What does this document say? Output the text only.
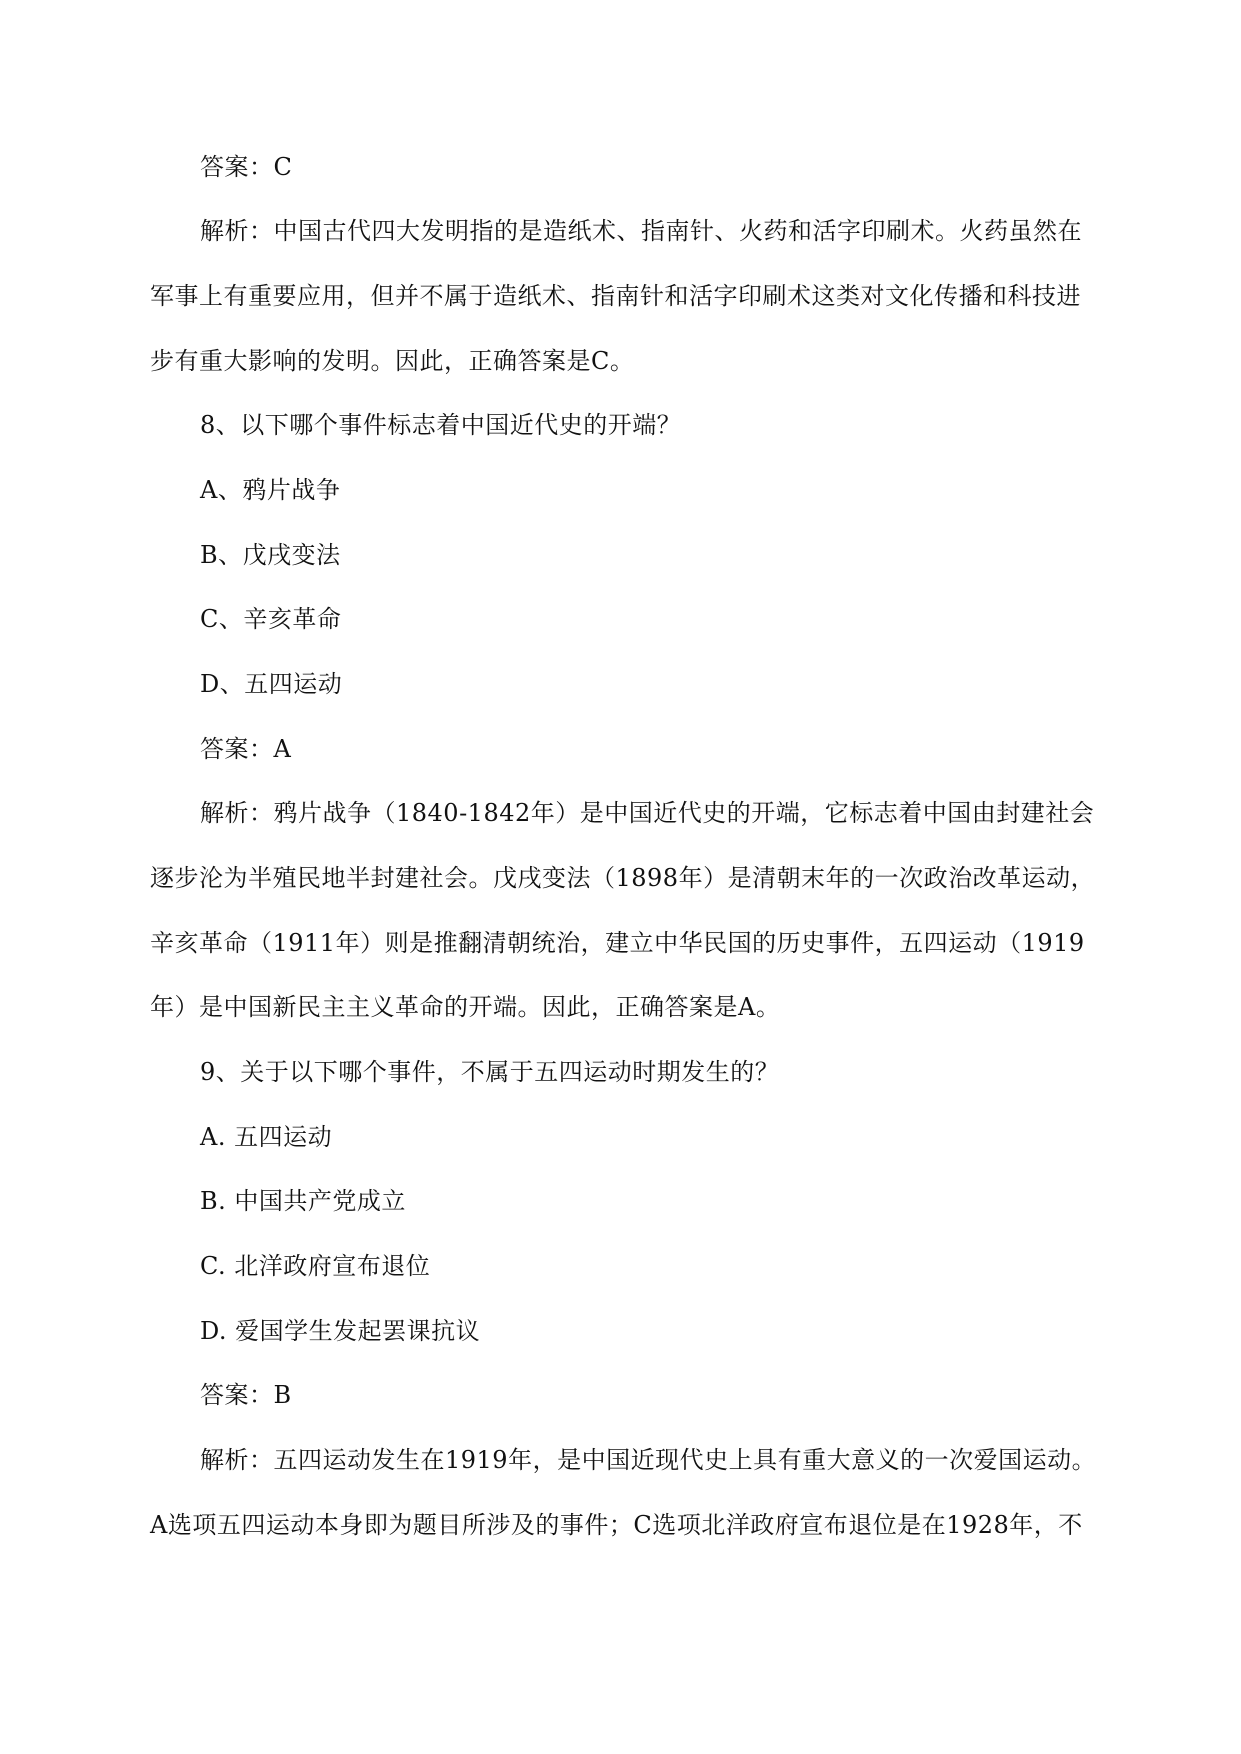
答案：C
解析：中国古代四大发明指的是造纸术、指南针、火药和活字印刷术。火药虽然在
军事上有重要应用，但并不属于造纸术、指南针和活字印刷术这类对文化传播和科技进
步有重大影响的发明。因此，正确答案是C。
8、以下哪个事件标志着中国近代史的开端？
A、鸦片战争
B、戊戌变法
C、辛亥革命
D、五四运动
答案：A
解析：鸦片战争（1840-1842年）是中国近代史的开端，它标志着中国由封建社会
逐步沦为半殖民地半封建社会。戊戌变法（1898年）是清朝末年的一次政治改革运动，
辛亥革命（1911年）则是推翻清朝统治，建立中华民国的历史事件，五四运动（1919
年）是中国新民主主义革命的开端。因此，正确答案是A。
9、关于以下哪个事件，不属于五四运动时期发生的？
A. 五四运动
B. 中国共产党成立
C. 北洋政府宣布退位
D. 爱国学生发起罢课抗议
答案：B
解析：五四运动发生在1919年，是中国近现代史上具有重大意义的一次爱国运动。
A选项五四运动本身即为题目所涉及的事件；C选项北洋政府宣布退位是在1928年，不
